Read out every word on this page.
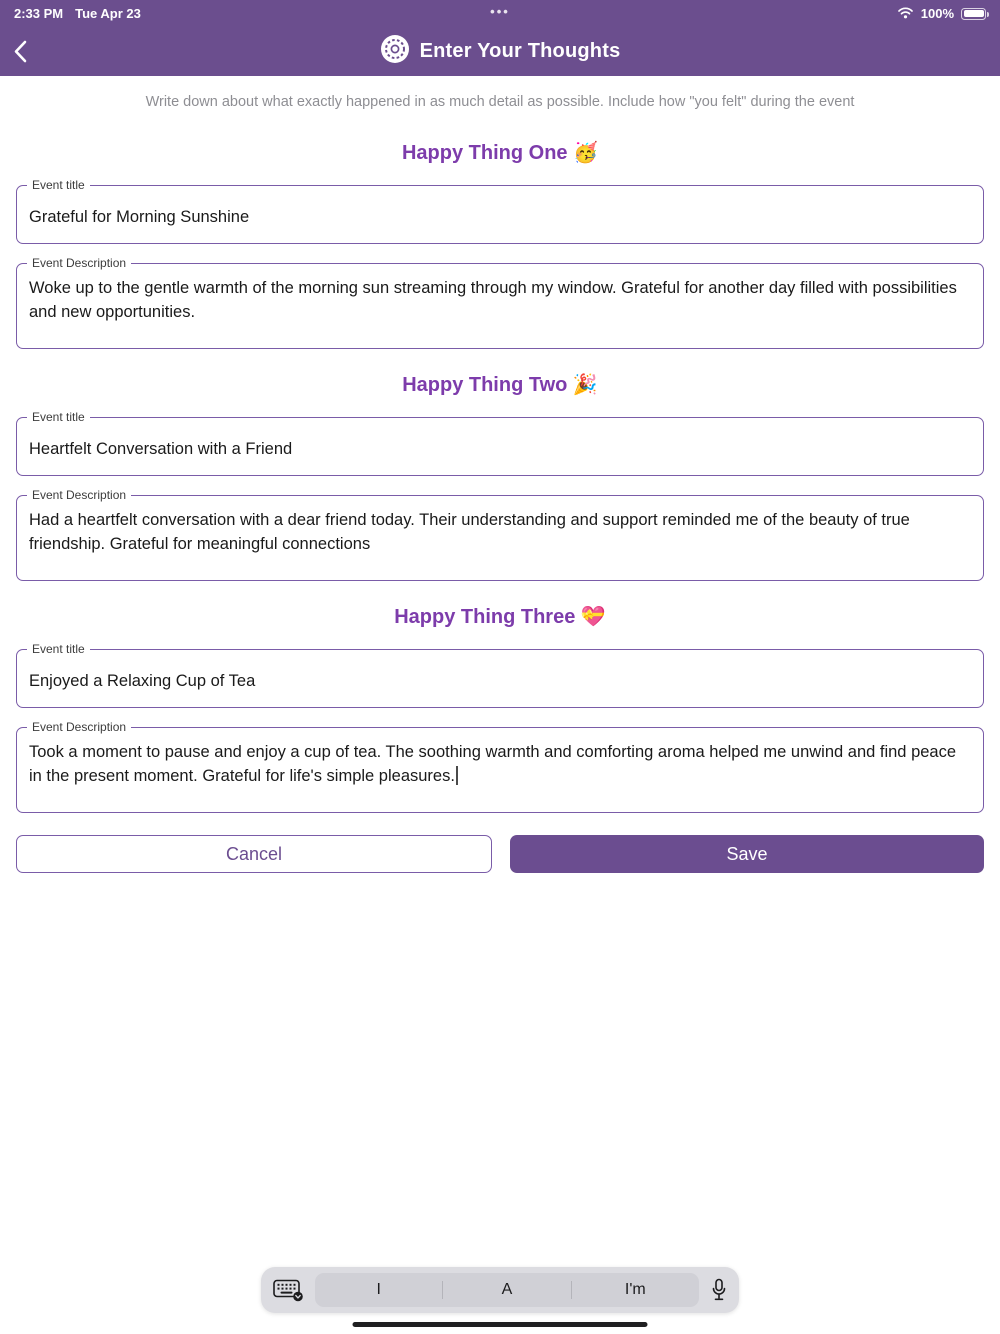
2:33 PM Tue Apr 23	•••	100%
Enter Your Thoughts
Write down about what exactly happened in as much detail as possible. Include how "you felt" during the event
Happy Thing One 🥳
Event title
Grateful for Morning Sunshine
Event Description
Woke up to the gentle warmth of the morning sun streaming through my window. Grateful for another day filled with possibilities and new opportunities.
Happy Thing Two 🎉
Event title
Heartfelt Conversation with a Friend
Event Description
Had a heartfelt conversation with a dear friend today. Their understanding and support reminded me of the beauty of true friendship. Grateful for meaningful connections
Happy Thing Three 💝
Event title
Enjoyed a Relaxing Cup of Tea
Event Description
Took a moment to pause and enjoy a cup of tea. The soothing warmth and comforting aroma helped me unwind and find peace in the present moment. Grateful for life's simple pleasures.
Cancel	Save
I	A	I'm
